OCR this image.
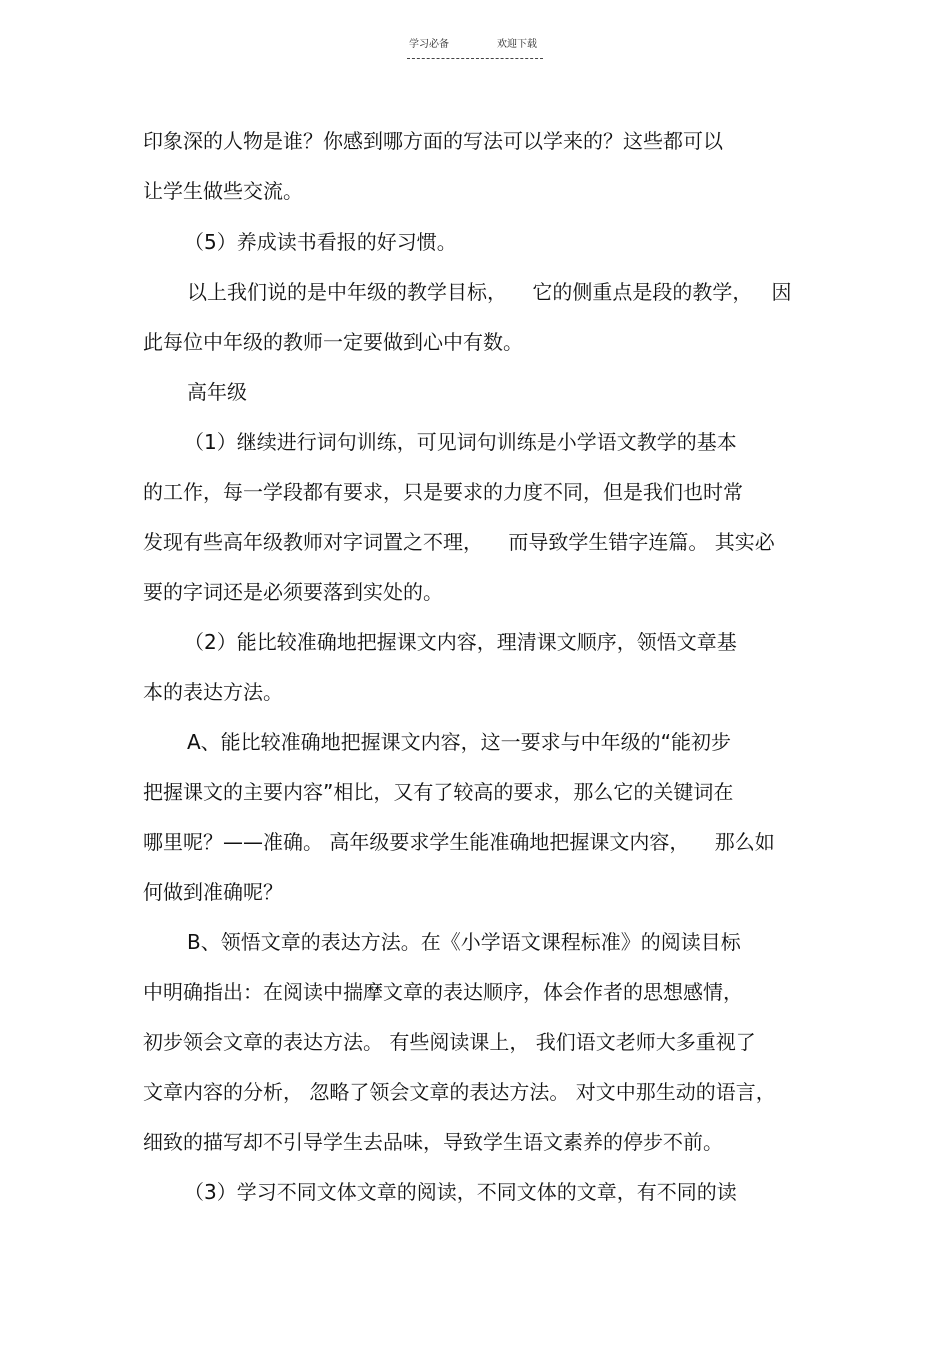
学习必备	欢迎下载
印象深的人物是谁？你感到哪方面的写法可以学来的？这些都可以
让学生做些交流。
（5）养成读书看报的好习惯。
以上我们说的是中年级的教学目标，    它的侧重点是段的教学，   因
此每位中年级的教师一定要做到心中有数。
高年级
（1）继续进行词句训练，可见词句训练是小学语文教学的基本
的工作，每一学段都有要求，只是要求的力度不同，但是我们也时常
发现有些高年级教师对字词置之不理，    而导致学生错字连篇。 其实必
要的字词还是必须要落到实处的。
（2）能比较准确地把握课文内容，理清课文顺序，领悟文章基
本的表达方法。
A、能比较准确地把握课文内容，这一要求与中年级的“能初步
把握课文的主要内容”相比，又有了较高的要求，那么它的关键词在
哪里呢？——准确。 高年级要求学生能准确地把握课文内容，    那么如
何做到准确呢？
B、领悟文章的表达方法。在《小学语文课程标准》的阅读目标
中明确指出：在阅读中揣摩文章的表达顺序，体会作者的思想感情，
初步领会文章的表达方法。 有些阅读课上， 我们语文老师大多重视了
文章内容的分析， 忽略了领会文章的表达方法。 对文中那生动的语言，
细致的描写却不引导学生去品味，导致学生语文素养的停步不前。
（3）学习不同文体文章的阅读，不同文体的文章，有不同的读
